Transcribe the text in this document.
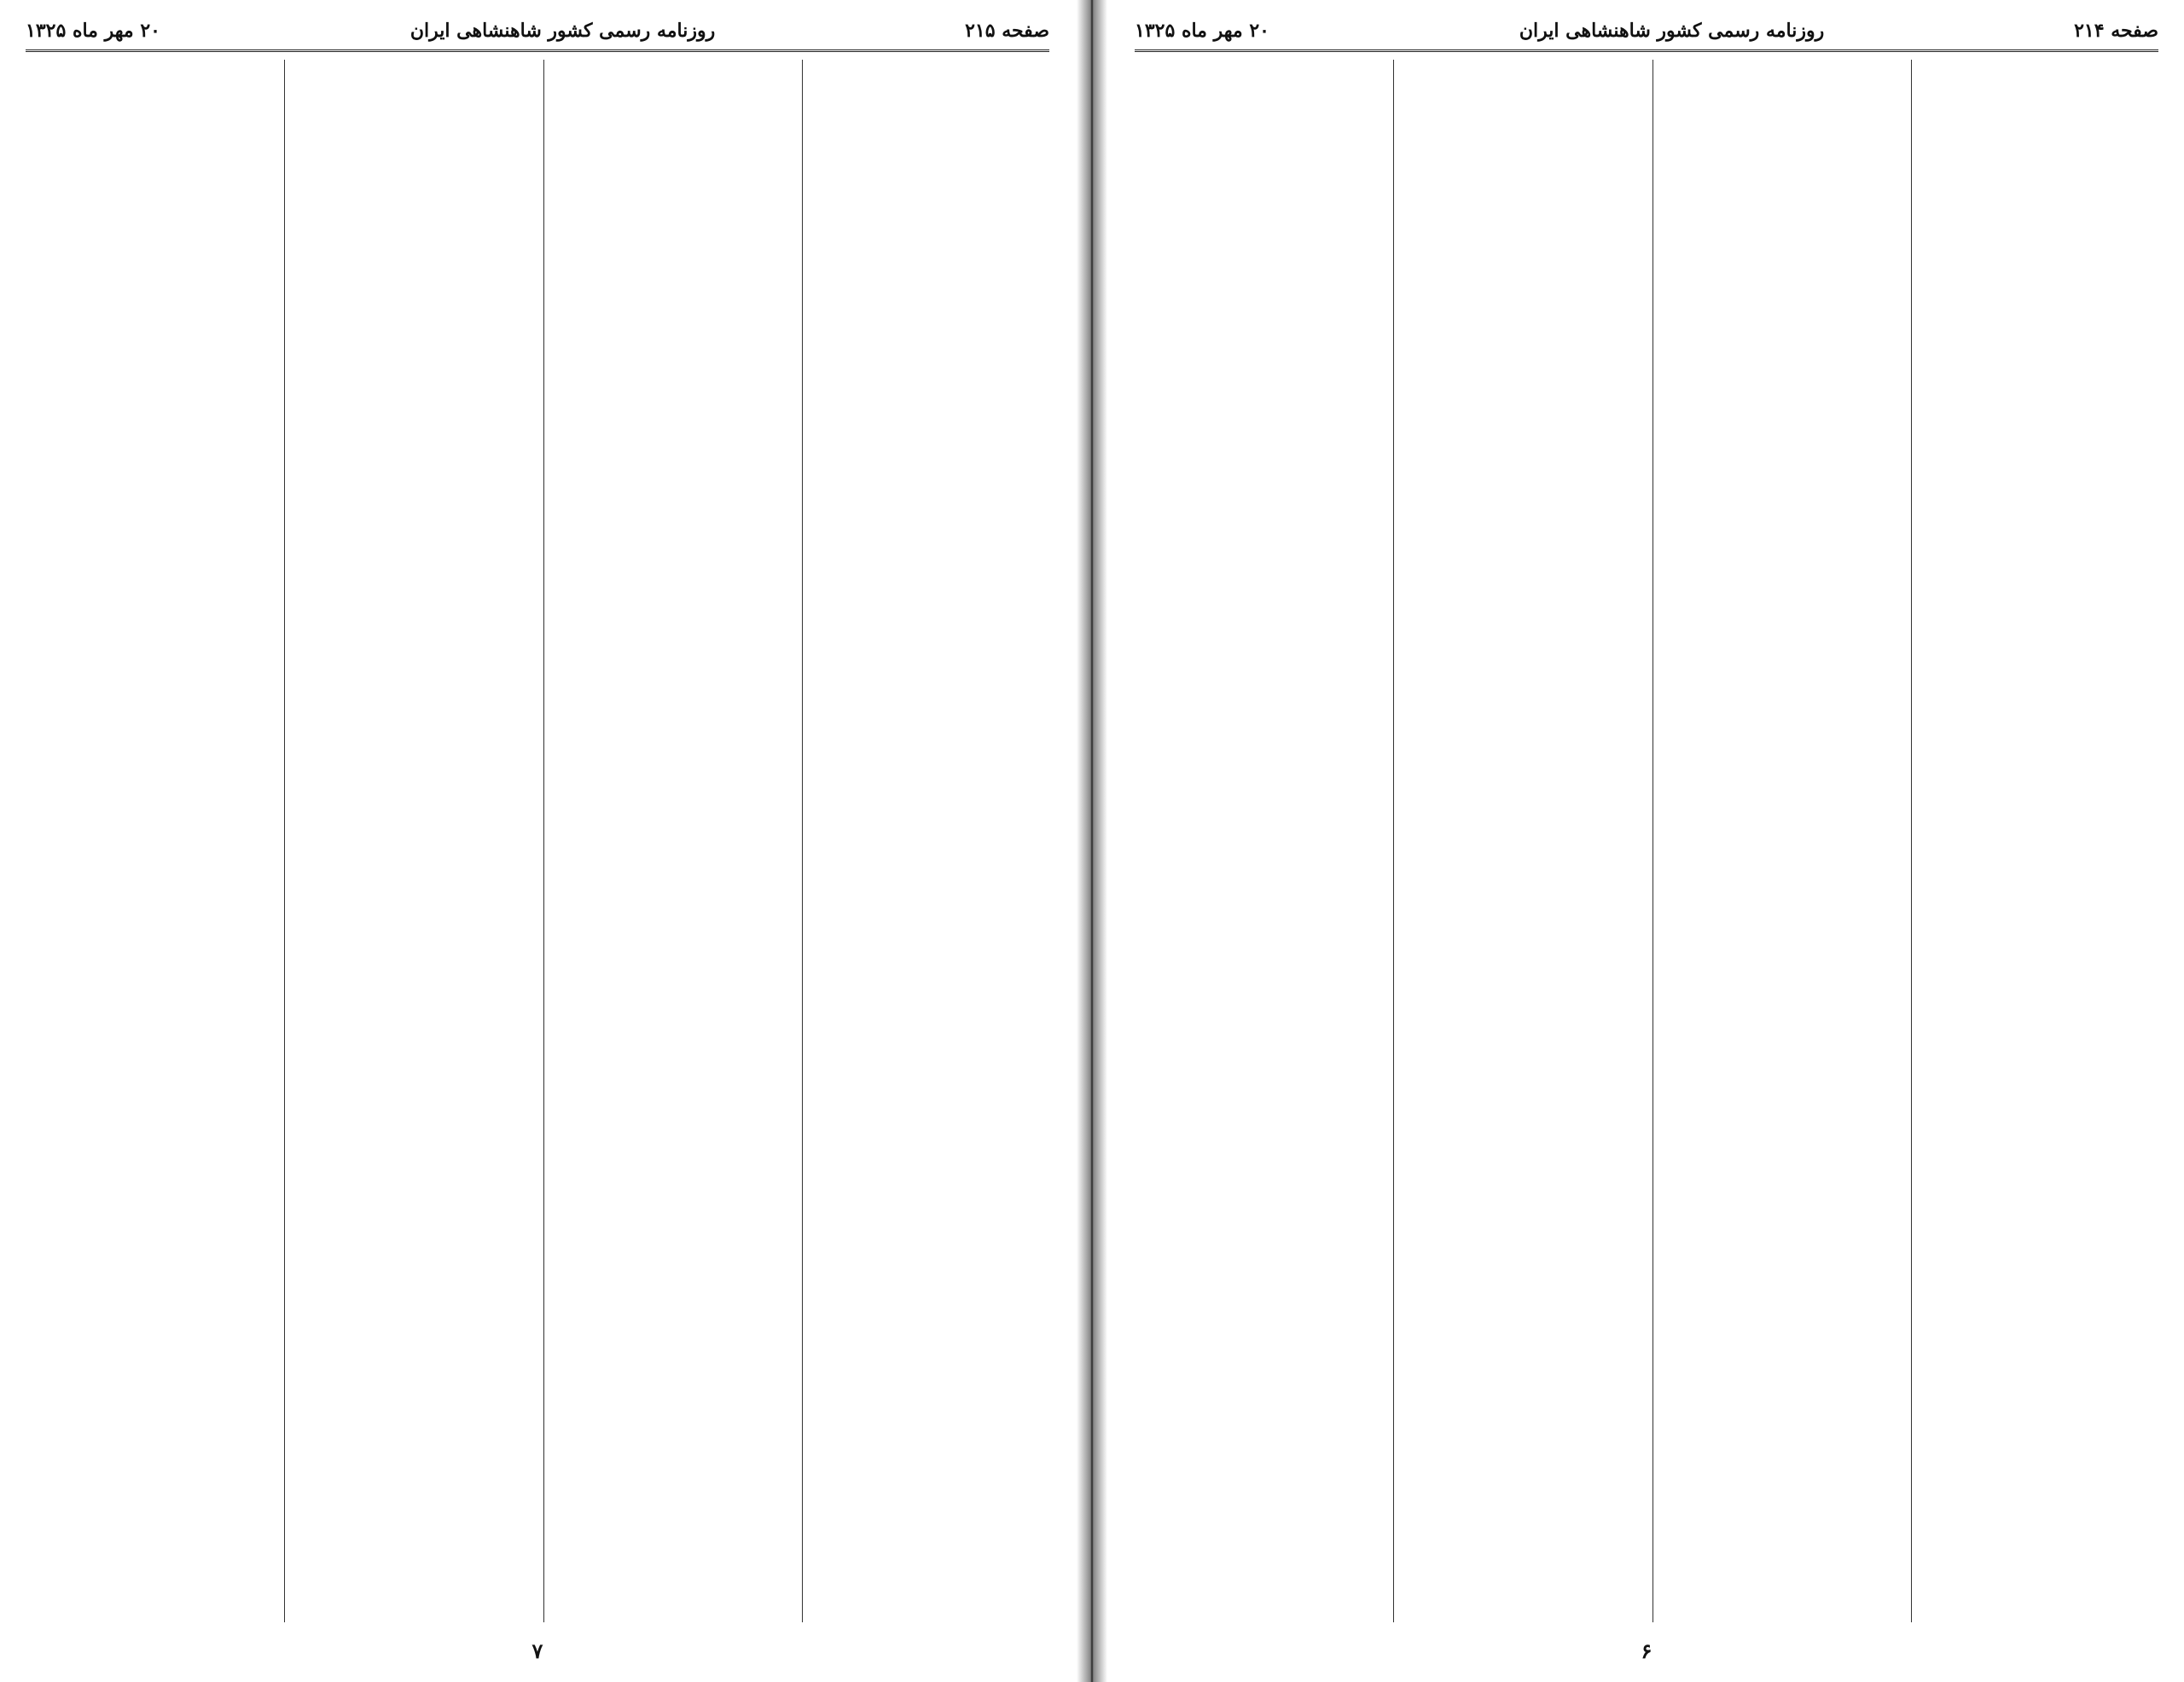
صفحه ۲۱۴
روزنامه رسمی کشور شاهنشاهی ایران
۲۰ مهر ماه ۱۳۲۵
۶
صفحه ۲۱۵
روزنامه رسمی کشور شاهنشاهی ایران
۲۰ مهر ماه ۱۳۲۵
۷
